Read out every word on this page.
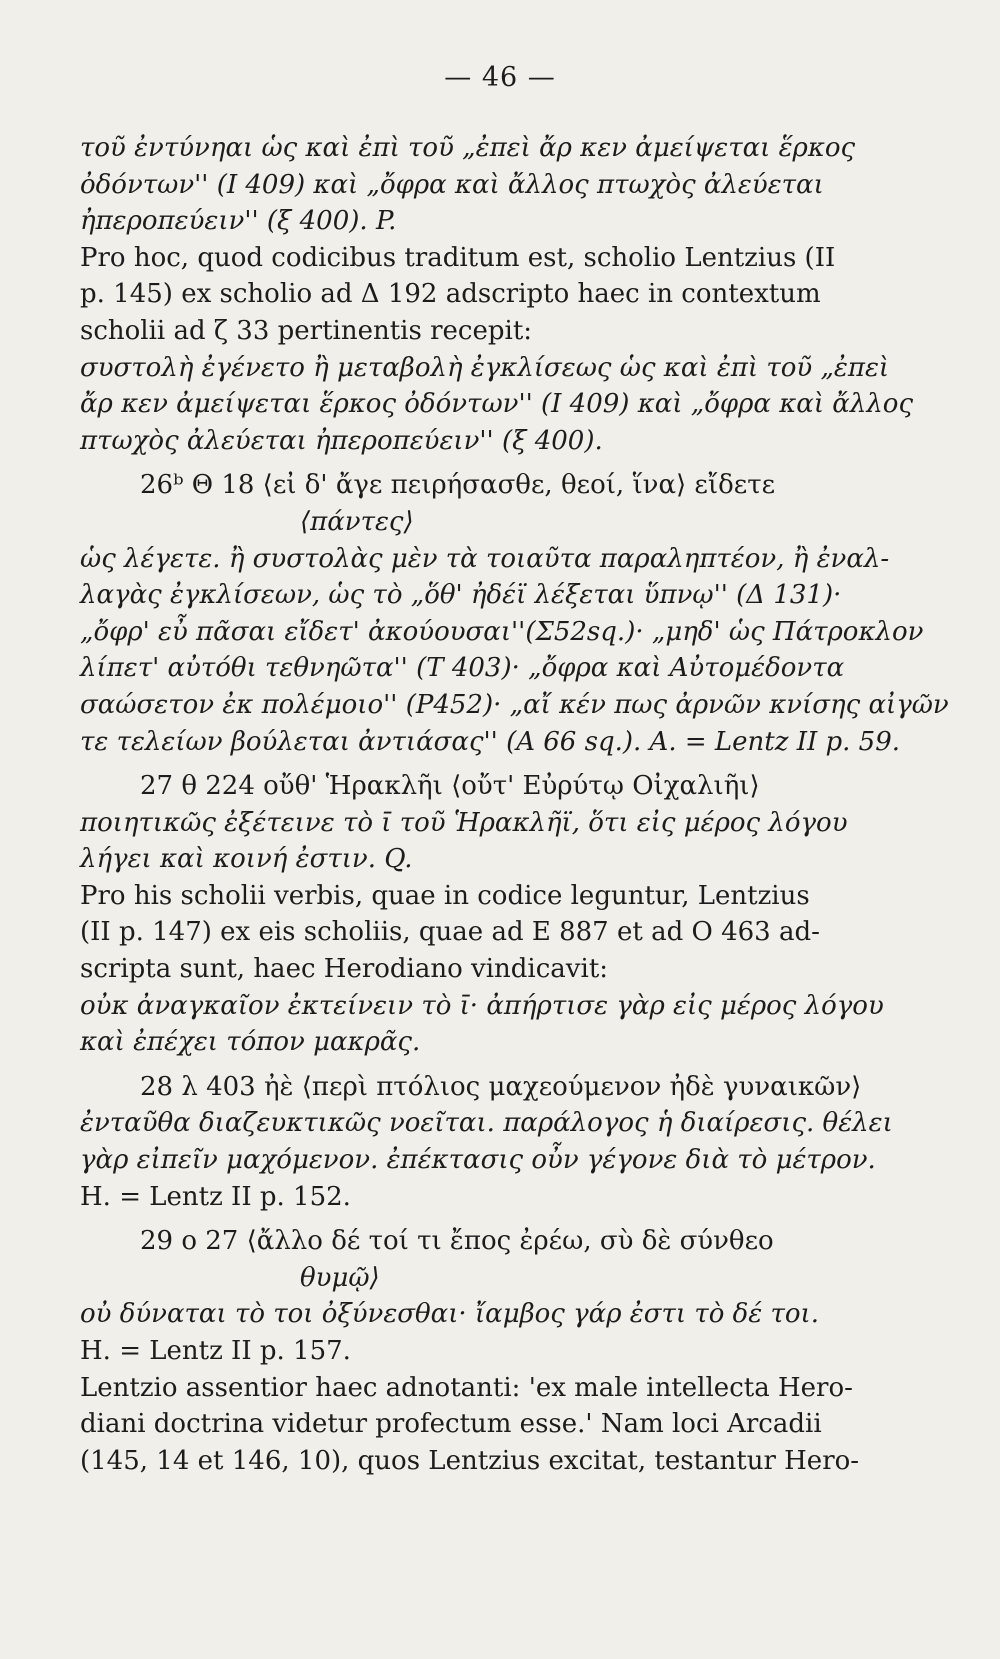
— 46 —
τοῦ ἐντύνηαι ὡς καὶ ἐπὶ τοῦ „ἐπεὶ ἄρ κεν ἀμείψεται ἕρκος
ὀδόντων'' (I 409) καὶ „ὄφρα καὶ ἄλλος πτωχὸς ἀλεύεται
ἠπεροπεύειν'' (ξ 400). P.
Pro hoc, quod codicibus traditum est, scholio Lentzius (II
p. 145) ex scholio ad Δ 192 adscripto haec in contextum
scholii ad ζ 33 pertinentis recepit:
συστολὴ ἐγένετο ἢ μεταβολὴ ἐγκλίσεως ὡς καὶ ἐπὶ τοῦ „ἐπεὶ
ἄρ κεν ἀμείψεται ἕρκος ὀδόντων'' (I 409) καὶ „ὄφρα καὶ ἄλλος
πτωχὸς ἀλεύεται ἠπεροπεύειν'' (ξ 400).
26ᵇ Θ 18 ⟨εἰ δ' ἄγε πειρήσασθε, θεοί, ἵνα⟩ εἴδετε
⟨πάντες⟩
ὡς λέγετε. ἢ συστολὰς μὲν τὰ τοιαῦτα παραληπτέον, ἢ ἐναλ-
λαγὰς ἐγκλίσεων, ὡς τὸ „ὅθ' ἠδέϊ λέξεται ὕπνῳ'' (Δ 131)·
„ὄφρ' εὖ πᾶσαι εἴδετ' ἀκούουσαι''(Σ52sq.)· „μηδ' ὡς Πάτροκλον
λίπετ' αὐτόθι τεθνηῶτα'' (Τ 403)· „ὄφρα καὶ Αὐτομέδοντα
σαώσετον ἐκ πολέμοιο'' (Ρ452)· „αἴ κέν πως ἀρνῶν κνίσης αἰγῶν
τε τελείων βούλεται ἀντιάσας'' (Α 66 sq.). A. = Lentz II p. 59.
27 θ 224 οὔθ' Ἡρακλῆι ⟨οὔτ' Εὐρύτῳ Οἰχαλιῆι⟩
ποιητικῶς ἐξέτεινε τὸ ῑ τοῦ Ἡρακλῆϊ, ὅτι εἰς μέρος λόγου
λήγει καὶ κοινή ἐστιν. Q.
Pro his scholii verbis, quae in codice leguntur, Lentzius
(II p. 147) ex eis scholiis, quae ad Ε 887 et ad Ο 463 ad-
scripta sunt, haec Herodiano vindicavit:
οὐκ ἀναγκαῖον ἐκτείνειν τὸ ῑ· ἀπήρτισε γὰρ εἰς μέρος λόγου
καὶ ἐπέχει τόπον μακρᾶς.
28 λ 403 ἠὲ ⟨περὶ πτόλιος μαχεούμενον ἠδὲ γυναικῶν⟩
ἐνταῦθα διαζευκτικῶς νοεῖται. παράλογος ἡ διαίρεσις. θέλει
γὰρ εἰπεῖν μαχόμενον. ἐπέκτασις οὖν γέγονε διὰ τὸ μέτρον.
H. = Lentz II p. 152.
29 ο 27 ⟨ἄλλο δέ τοί τι ἔπος ἐρέω, σὺ δὲ σύνθεο
θυμῷ⟩
οὐ δύναται τὸ τοι ὀξύνεσθαι· ἴαμβος γάρ ἐστι τὸ δέ τοι.
H. = Lentz II p. 157.
Lentzio assentior haec adnotanti: 'ex male intellecta Hero-
diani doctrina videtur profectum esse.' Nam loci Arcadii
(145, 14 et 146, 10), quos Lentzius excitat, testantur Hero-
